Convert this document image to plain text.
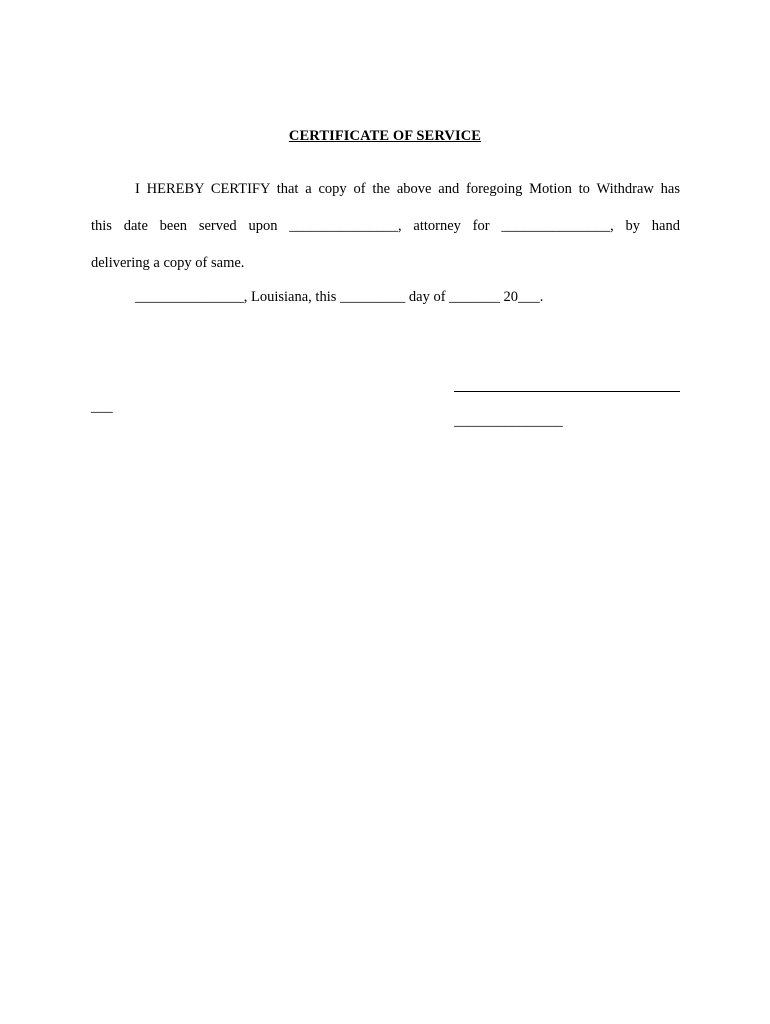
CERTIFICATE OF SERVICE
I HEREBY CERTIFY that a copy of the above and foregoing Motion to Withdraw has
this date been served upon _______________, attorney for _______________, by hand
delivering a copy of same.
_______________, Louisiana, this _________ day of _______ 20___.
___
_______________
